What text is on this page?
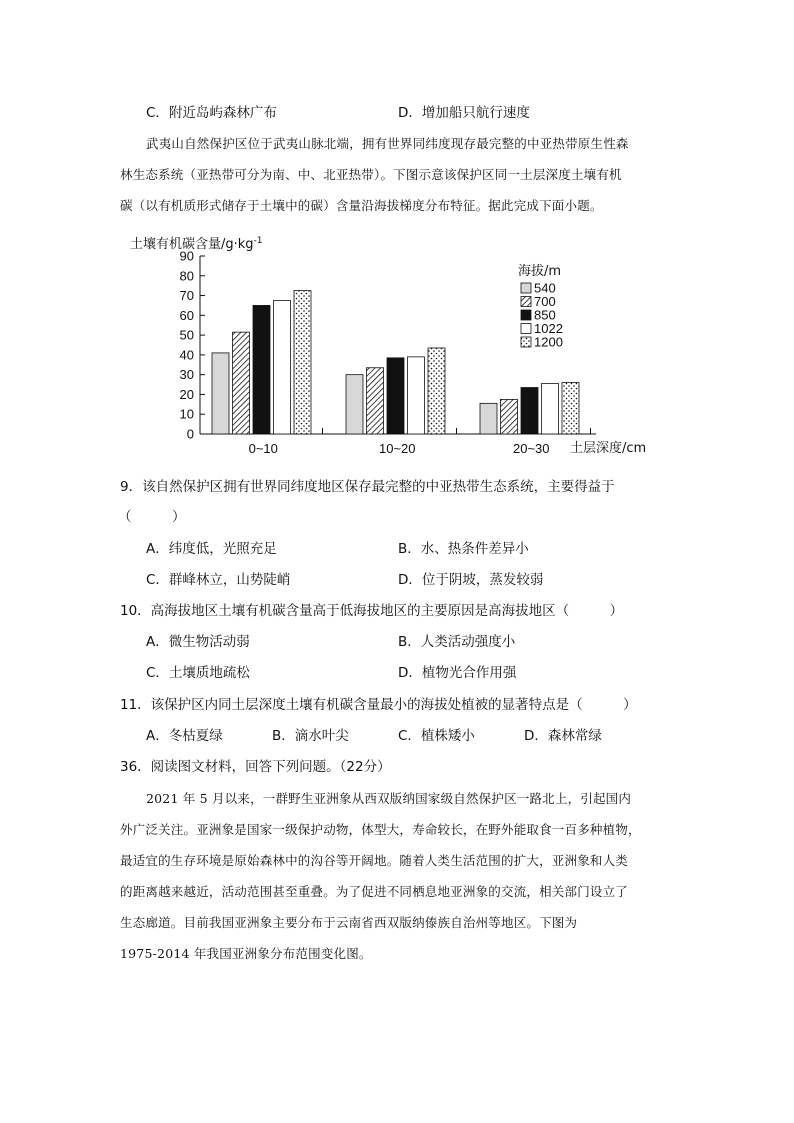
C．附近岛屿森林广布	D．增加船只航行速度
武夷山自然保护区位于武夷山脉北端，拥有世界同纬度现存最完整的中亚热带原生性森
林生态系统（亚热带可分为南、中、北亚热带）。下图示意该保护区同一土层深度土壤有机
碳（以有机质形式储存于土壤中的碳）含量沿海拔梯度分布特征。据此完成下面小题。
土壤有机碳含量$/g\cdot kg^{-1}$
0
10
20
30
40
50
60
70
80
90
0~10	10~20	20~30 土层深度/cm
海拔/m
540
700
850
1022
1200
9．该自然保护区拥有世界同纬度地区保存最完整的中亚热带生态系统，主要得益于
（　　　）
A．纬度低，光照充足	B．水、热条件差异小
C．群峰林立，山势陡峭	D．位于阴坡，蒸发较弱
10．高海拔地区土壤有机碳含量高于低海拔地区的主要原因是高海拔地区（　　　）
A．微生物活动弱	B．人类活动强度小
C．土壤质地疏松	D．植物光合作用强
11．该保护区内同土层深度土壤有机碳含量最小的海拔处植被的显著特点是（　　　）
A．冬枯夏绿	B．滴水叶尖	C．植株矮小	D．森林常绿
36．阅读图文材料，回答下列问题。（22分）
2021 年 5 月以来，一群野生亚洲象从西双版纳国家级自然保护区一路北上，引起国内
外广泛关注。亚洲象是国家一级保护动物，体型大，寿命较长，在野外能取食一百多种植物，
最适宜的生存环境是原始森林中的沟谷等开阔地。随着人类生活范围的扩大，亚洲象和人类
的距离越来越近，活动范围甚至重叠。为了促进不同栖息地亚洲象的交流，相关部门设立了
生态廊道。目前我国亚洲象主要分布于云南省西双版纳傣族自治州等地区。下图为
1975-2014 年我国亚洲象分布范围变化图。
